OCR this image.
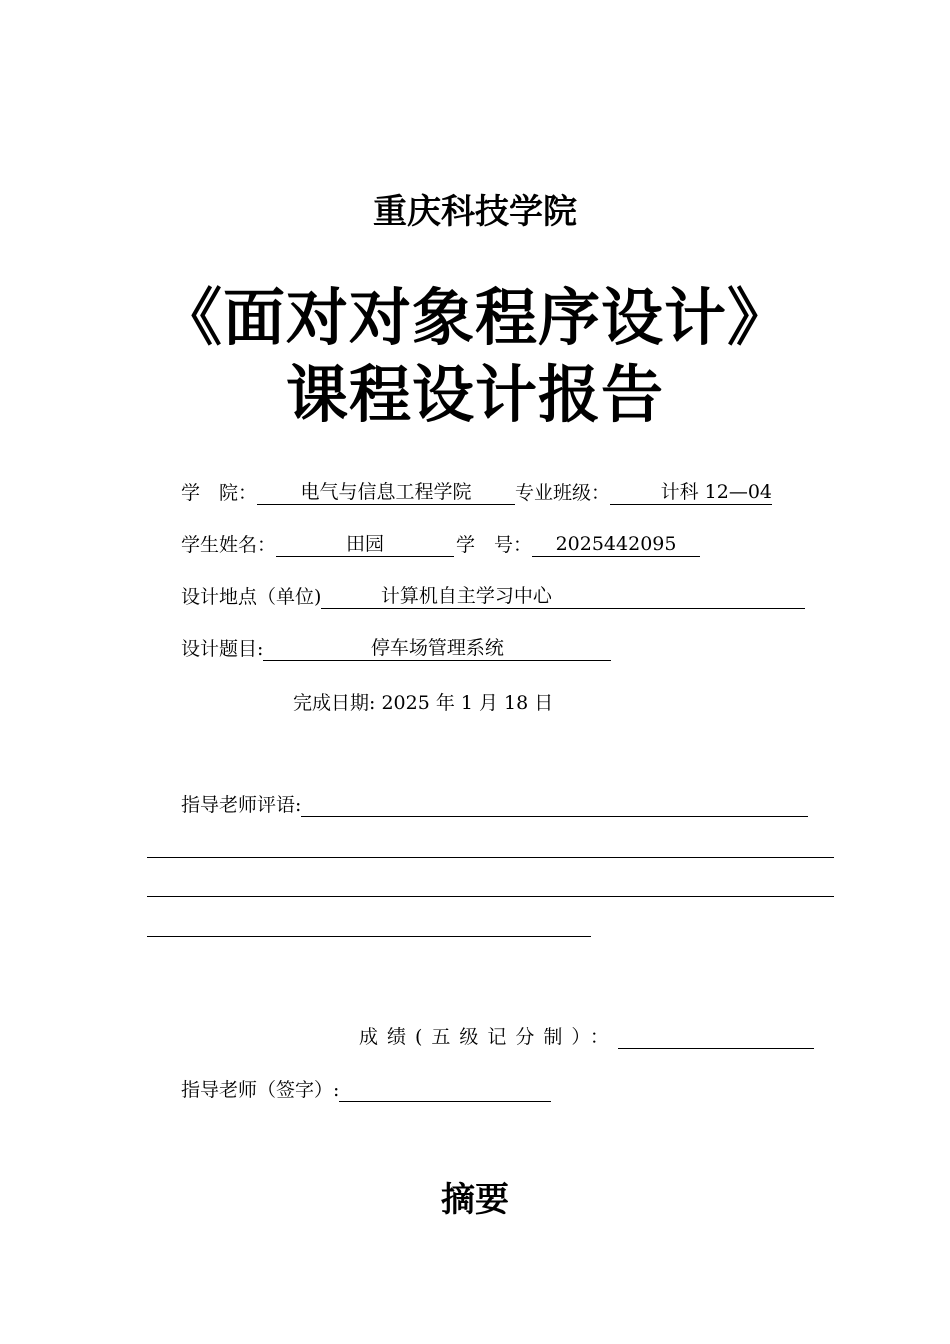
重庆科技学院
《面对对象程序设计》
课程设计报告
学　院： 电气与信息工程学院 专业班级：	计科 12—04
学生姓名：	田园	学　号： 2025442095
设计地点（单位)	计算机自主学习中心
设计题目:	停车场管理系统
完成日期: 2025 年 1 月 18 日
指导老师评语:
成绩(五级记分制）：
指导老师（签字）:
摘要
